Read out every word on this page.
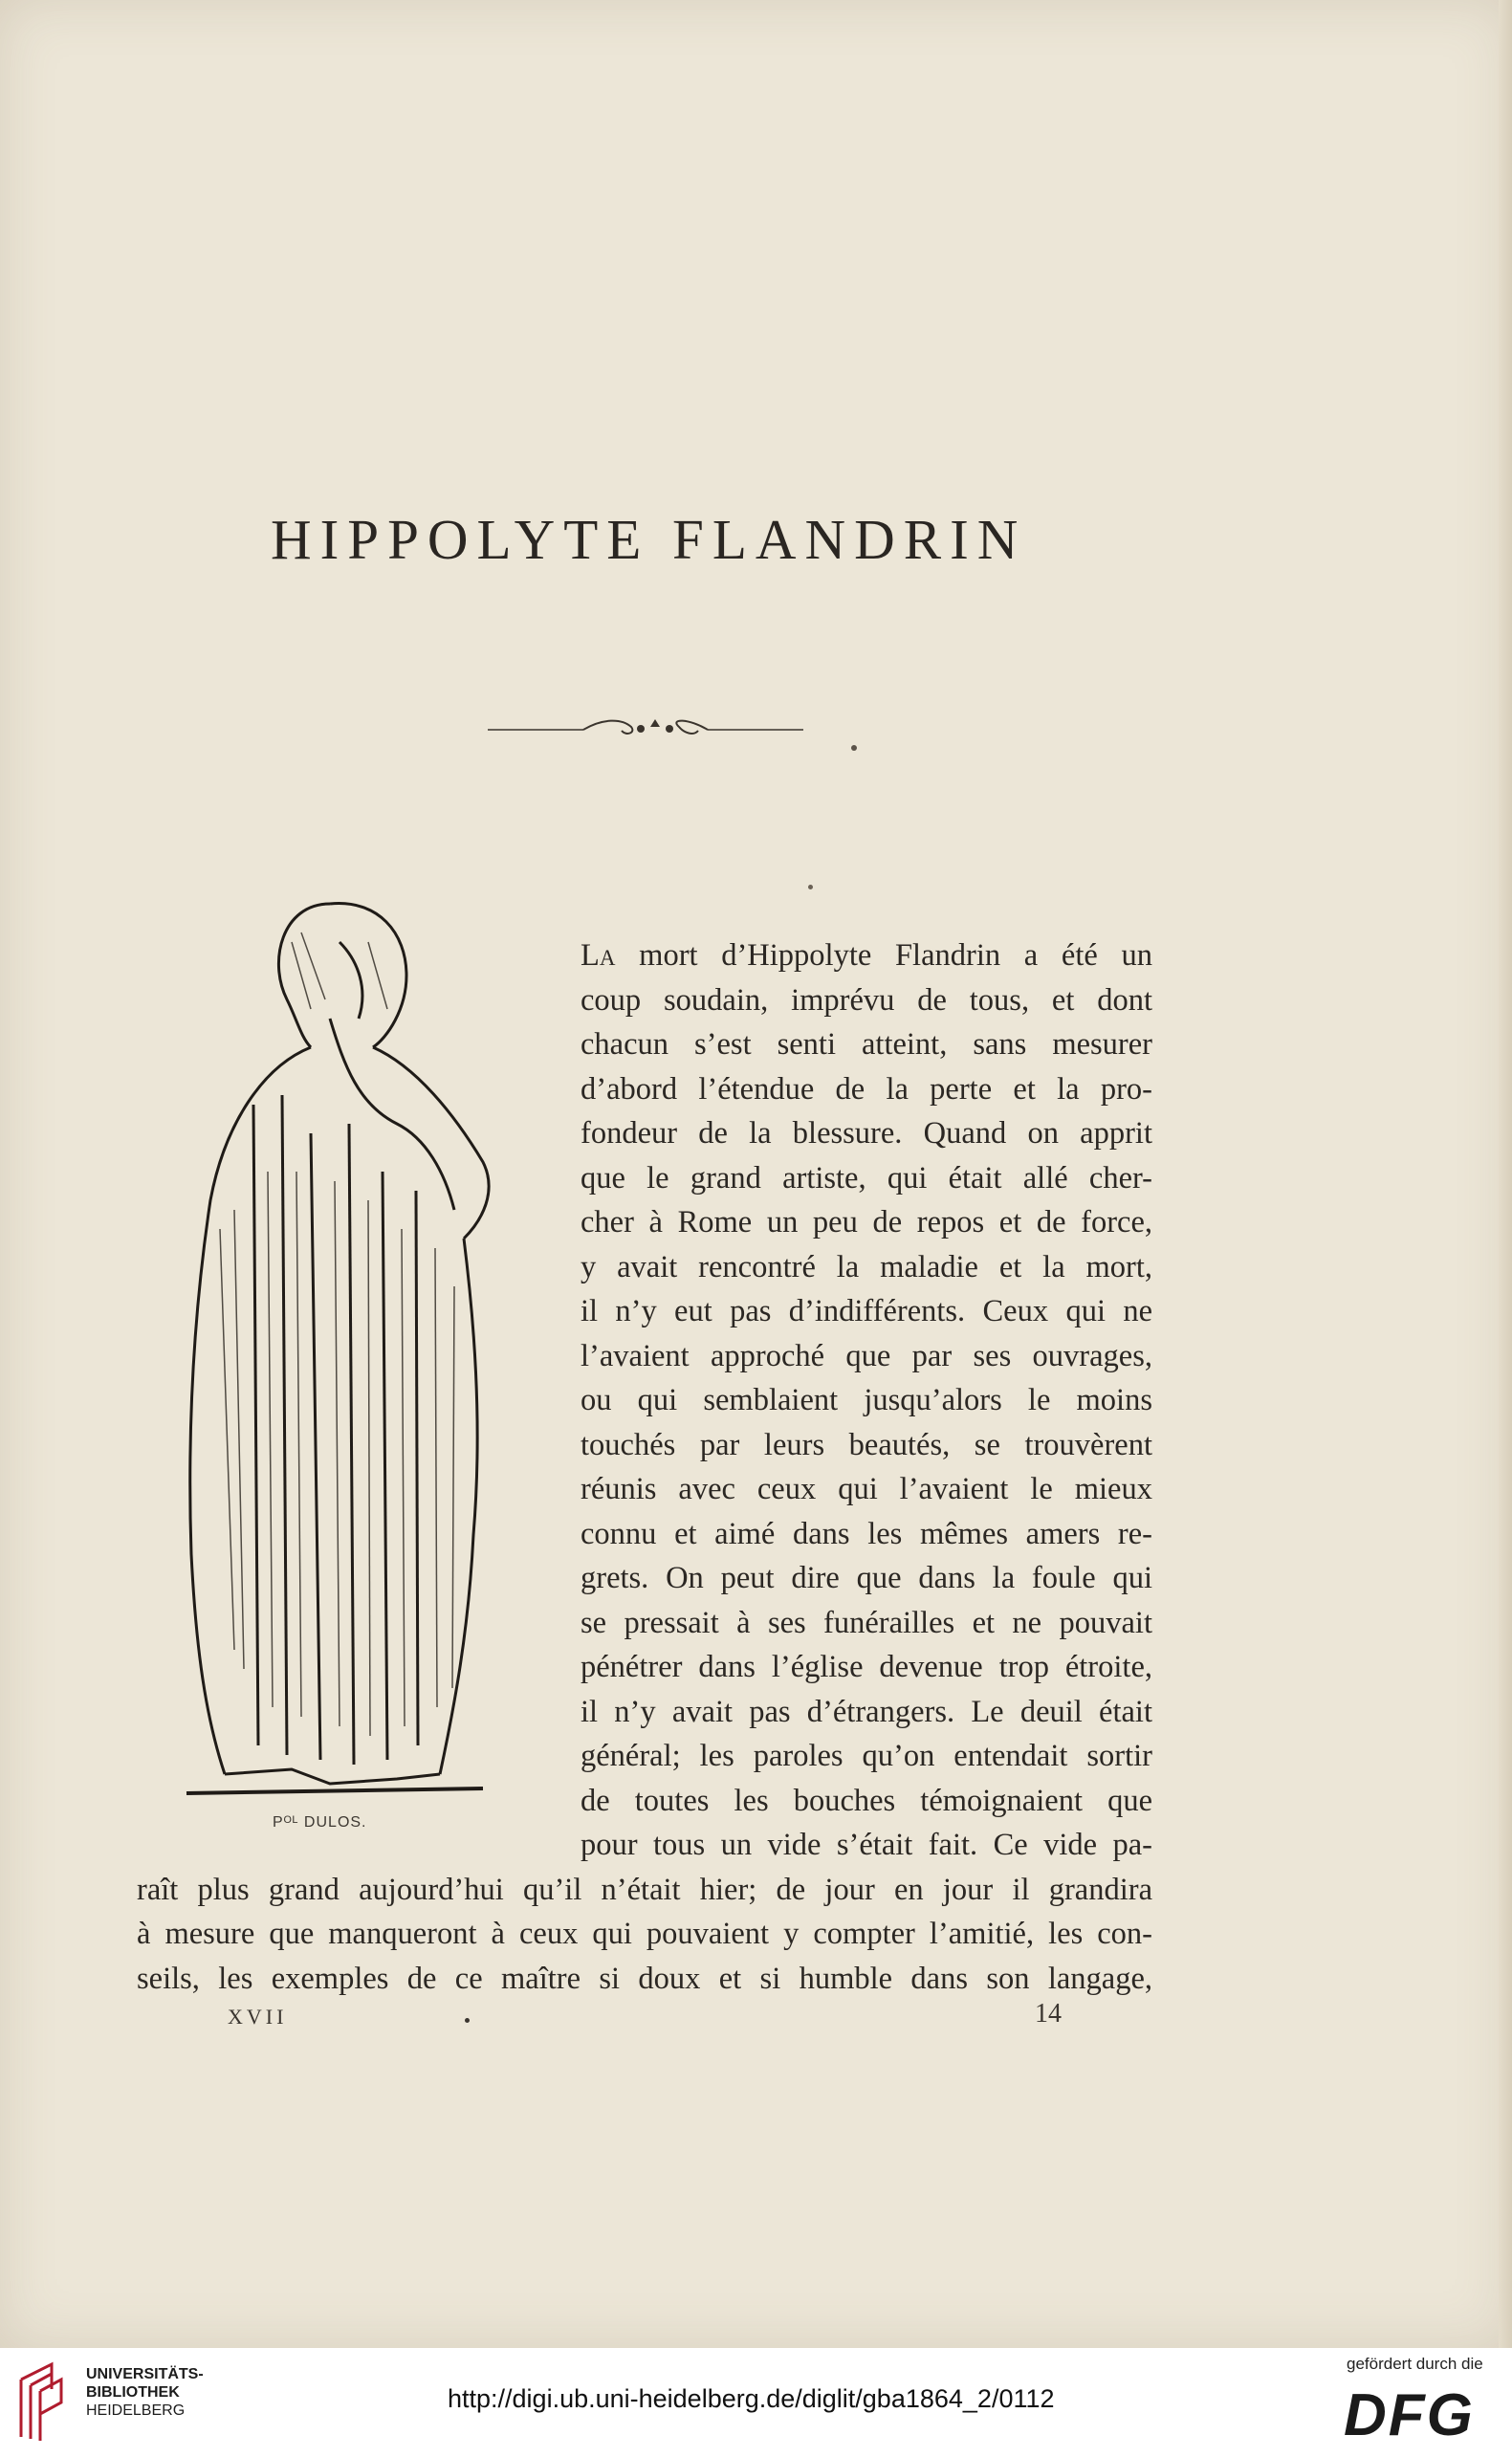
HIPPOLYTE FLANDRIN
Pᴼᴸ DULOS.
La mort d’Hippolyte Flandrin a été un
coup soudain, imprévu de tous, et dont
chacun s’est senti atteint, sans mesurer
d’abord l’étendue de la perte et la pro-
fondeur de la blessure. Quand on apprit
que le grand artiste, qui était allé cher-
cher à Rome un peu de repos et de force,
y avait rencontré la maladie et la mort,
il n’y eut pas d’indifférents. Ceux qui ne
l’avaient approché que par ses ouvrages,
ou qui semblaient jusqu’alors le moins
touchés par leurs beautés, se trouvèrent
réunis avec ceux qui l’avaient le mieux
connu et aimé dans les mêmes amers re-
grets. On peut dire que dans la foule qui
se pressait à ses funérailles et ne pouvait
pénétrer dans l’église devenue trop étroite,
il n’y avait pas d’étrangers. Le deuil était
général; les paroles qu’on entendait sortir
de toutes les bouches témoignaient que
pour tous un vide s’était fait. Ce vide pa-
raît plus grand aujourd’hui qu’il n’était hier; de jour en jour il grandira
à mesure que manqueront à ceux qui pouvaient y compter l’amitié, les con-
seils, les exemples de ce maître si doux et si humble dans son langage,
XVII	14
UNIVERSITÄTS-
BIBLIOTHEK
HEIDELBERG	http://digi.ub.uni-heidelberg.de/diglit/gba1864_2/0112
gefördert durch die
DFG
